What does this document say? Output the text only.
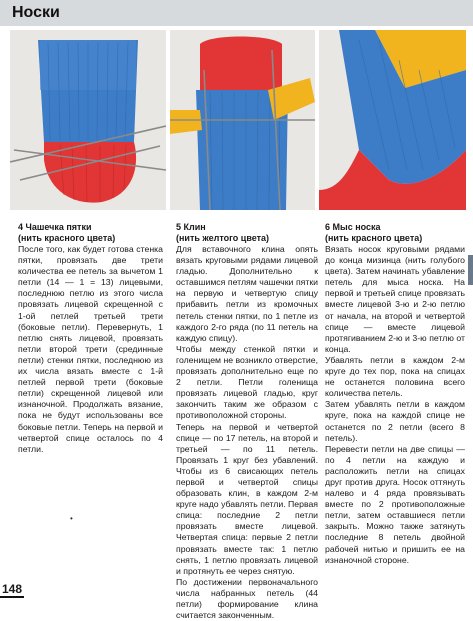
Носки
4 Чашечка пятки
(нить красного цвета)

После того, как будет готова стенка пятки, провязать две трети количества ее петель за вычетом 1 петли (14 — 1 = 13) лицевыми, последнюю петлю из этого числа провязать лицевой скрещенной с 1-ой петлей третьей трети (боковые петли). Перевернуть, 1 петлю снять лицевой, провязать петли второй трети (срединные петли) стенки пятки, последнюю из их числа вязать вместе с 1-й петлей первой трети (боковые петли) скрещенной лицевой или изнаночной. Продолжать вязание, пока не будут использованы все боковые петли. Теперь на первой и четвертой спице осталось по 4 петли.

5 Клин
(нить желтого цвета)

Для вставочного клина опять вязать круговыми рядами лицевой гладью. Дополнительно к оставшимся петлям чашечки пятки на первую и четвертую спицу прибавить петли из кромочных петель стенки пятки, по 1 петле из каждого 2-го ряда (по 11 петель на каждую спицу).

Чтобы между стенкой пятки и голенищем не возникло отверстие, провязать дополнительно еще по 2 петли. Петли голенища провязать лицевой гладью, круг закончить таким же образом с противоположной стороны.

Теперь на первой и четвертой спице — по 17 петель, на второй и третьей — по 11 петель. Провязать 1 круг без убавлений. Чтобы из 6 свисающих петель первой и четвертой спицы образовать клин, в каждом 2-м круге надо убавлять петли. Первая спица: последние 2 петли провязать вместе лицевой. Четвертая спица: первые 2 петли провязать вместе так: 1 петлю снять, 1 петлю провязать лицевой и протянуть ее через снятую.

По достижении первоначального числа набранных петель (44 петли) формирование клина считается законченным.

6 Мыс носка
(нить красного цвета)

Вязать носок круговыми рядами до конца мизинца (нить голубого цвета). Затем начинать убавление петель для мыса носка. На первой и третьей спице провязать вместе лицевой 3-ю и 2-ю петлю от начала, на второй и четвертой спице — вместе лицевой протягиванием 2-ю и 3-ю петлю от конца.

Убавлять петли в каждом 2-м круге до тех пор, пока на спицах не останется половина всего количества петель.

Затем убавлять петли в каждом круге, пока на каждой спице не останется по 2 петли (всего 8 петель).

Перевести петли на две спицы — по 4 петли на каждую и расположить петли на спицах друг против друга. Носок оттянуть налево и 4 ряда провязывать вместе по 2 противоположные петли, затем оставшиеся петли закрыть. Можно также затянуть последние 8 петель двойной рабочей нитью и пришить ее на изнаночной стороне.

•
148
